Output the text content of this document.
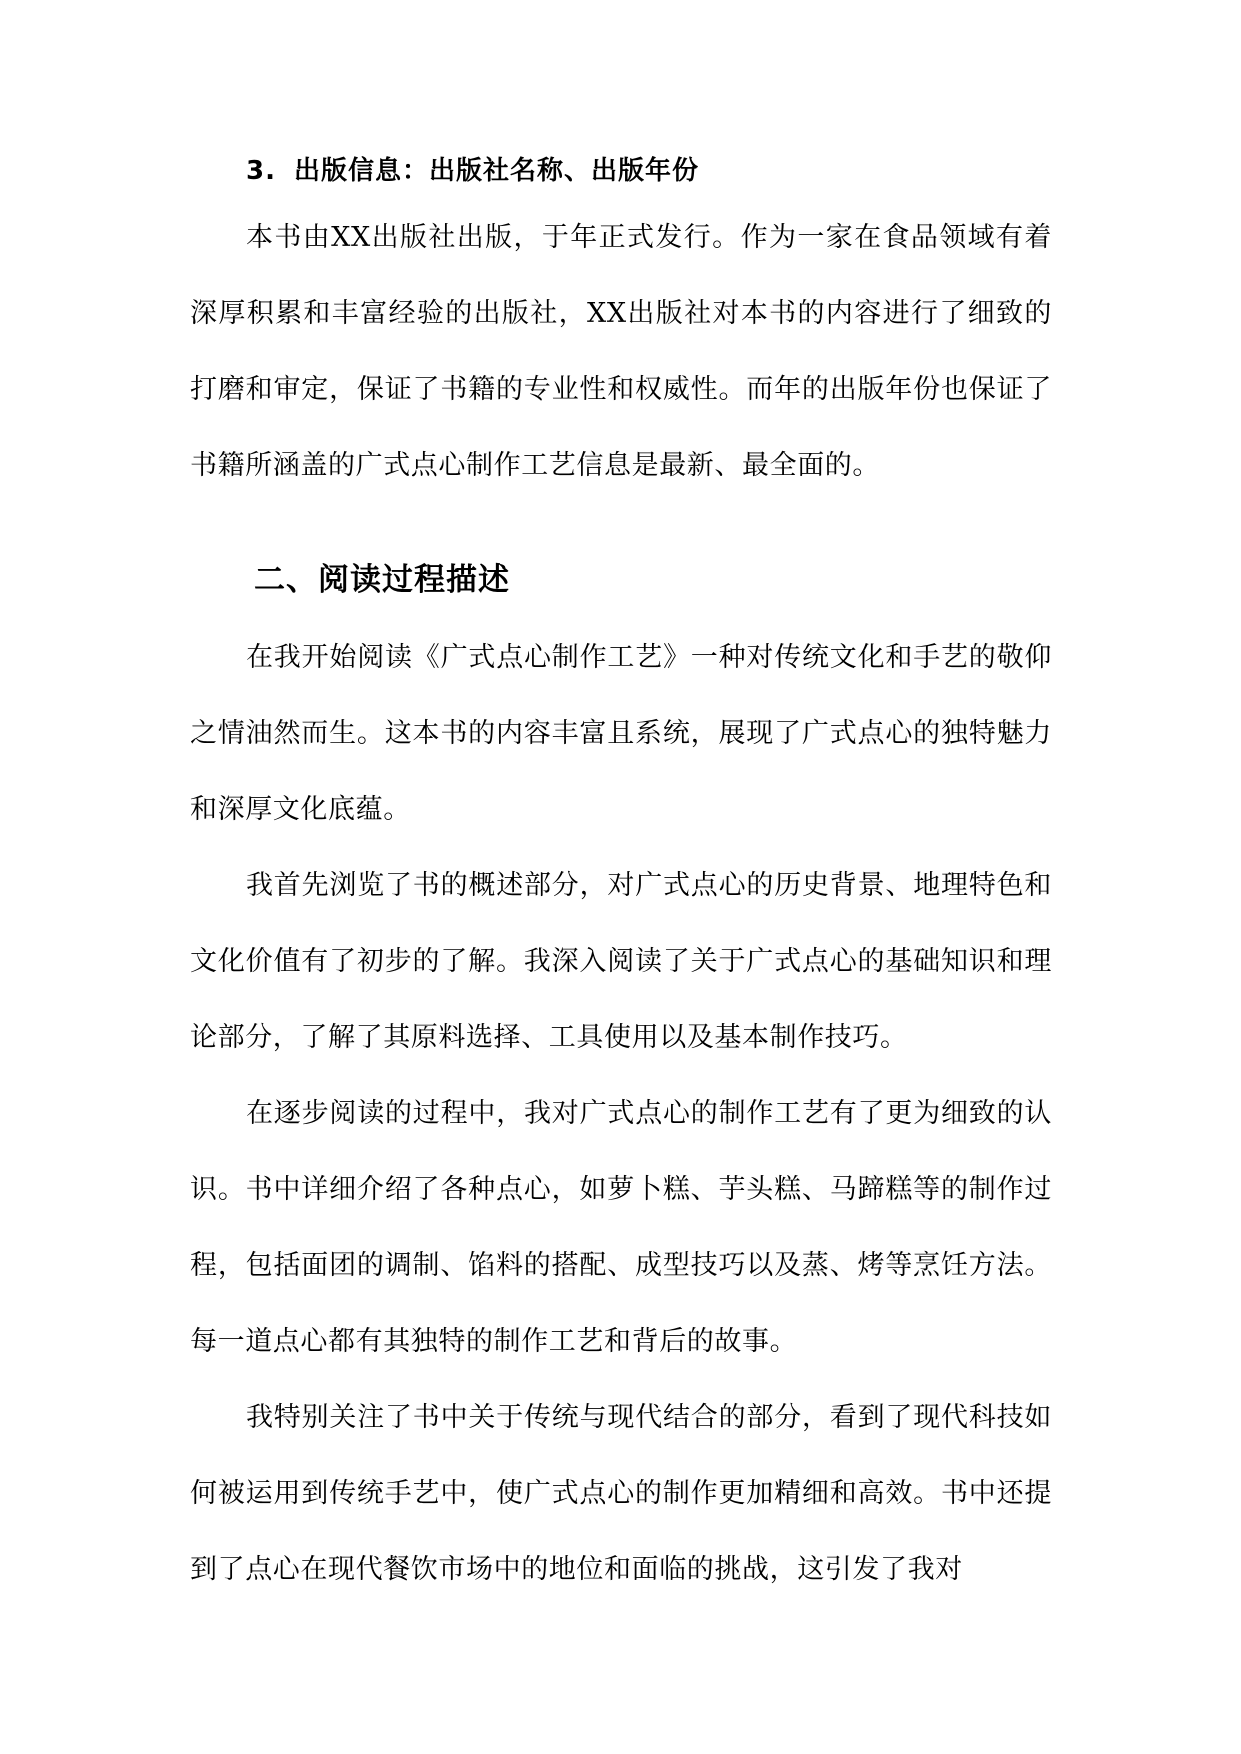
3. 出版信息：出版社名称、出版年份

本书由XX出版社出版，于年正式发行。作为一家在食品领域有着深厚积累和丰富经验的出版社，XX出版社对本书的内容进行了细致的打磨和审定，保证了书籍的专业性和权威性。而年的出版年份也保证了书籍所涵盖的广式点心制作工艺信息是最新、最全面的。

二、阅读过程描述

在我开始阅读《广式点心制作工艺》一种对传统文化和手艺的敬仰之情油然而生。这本书的内容丰富且系统，展现了广式点心的独特魅力和深厚文化底蕴。

我首先浏览了书的概述部分，对广式点心的历史背景、地理特色和文化价值有了初步的了解。我深入阅读了关于广式点心的基础知识和理论部分，了解了其原料选择、工具使用以及基本制作技巧。

在逐步阅读的过程中，我对广式点心的制作工艺有了更为细致的认识。书中详细介绍了各种点心，如萝卜糕、芋头糕、马蹄糕等的制作过程，包括面团的调制、馅料的搭配、成型技巧以及蒸、烤等烹饪方法。每一道点心都有其独特的制作工艺和背后的故事。

我特别关注了书中关于传统与现代结合的部分，看到了现代科技如何被运用到传统手艺中，使广式点心的制作更加精细和高效。书中还提到了点心在现代餐饮市场中的地位和面临的挑战，这引发了我对
